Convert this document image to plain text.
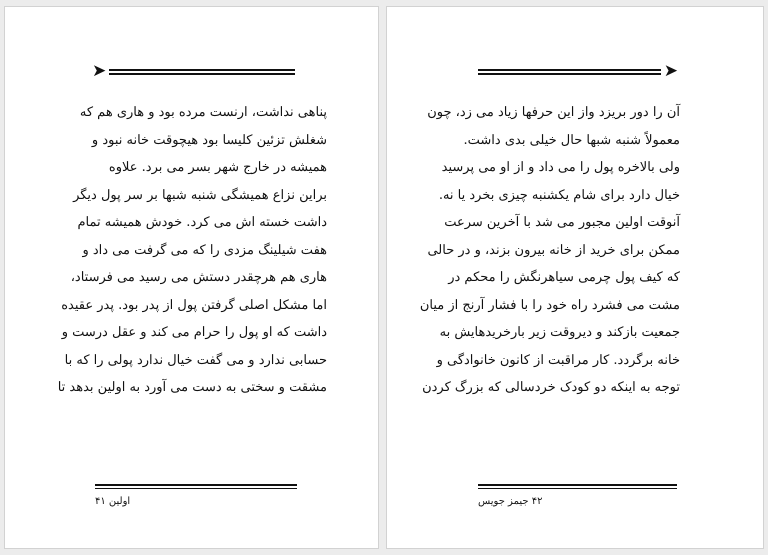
➤
پناهی نداشت، ارنست مرده بود و هاری هم که
شغلش تزئین کلیسا بود هیچوقت خانه نبود و
همیشه در خارج شهر بسر می برد. علاوه
براین نزاع همیشگی شنبه شبها بر سر پول دیگر
داشت خسته اش می کرد. خودش همیشه تمام
هفت شیلینگ مزدی را که می گرفت می داد و
هاری هم هرچقدر دستش می رسید می فرستاد،
اما مشکل اصلی گرفتن پول از پدر بود. پدر عقیده
داشت که او پول را حرام می کند و عقل درست و
حسابی ندارد و می گفت خیال ندارد پولی را که با
مشقت و سختی به دست می آورد به اولین بدهد تا
اولین ۴۱
➤
آن را دور بریزد واز این حرفها زیاد می زد، چون
معمولاً شنبه شبها حال خیلی بدی داشت.
ولی بالاخره پول را می داد و از او می پرسید
خیال دارد برای شام یکشنبه چیزی بخرد یا نه.
آنوقت اولین مجبور می شد با آخرین سرعت
ممکن برای خرید از خانه بیرون بزند، و در حالی
که کیف پول چرمی سیاهرنگش را محکم در
مشت می فشرد راه خود را با فشار آرنج از میان
جمعیت بازکند و دیروقت زیر بارخریدهایش به
خانه برگردد. کار مراقبت از کانون خانوادگی و
توجه به اینکه دو کودک خردسالی که بزرگ کردن
۴۲ جیمز جویس
